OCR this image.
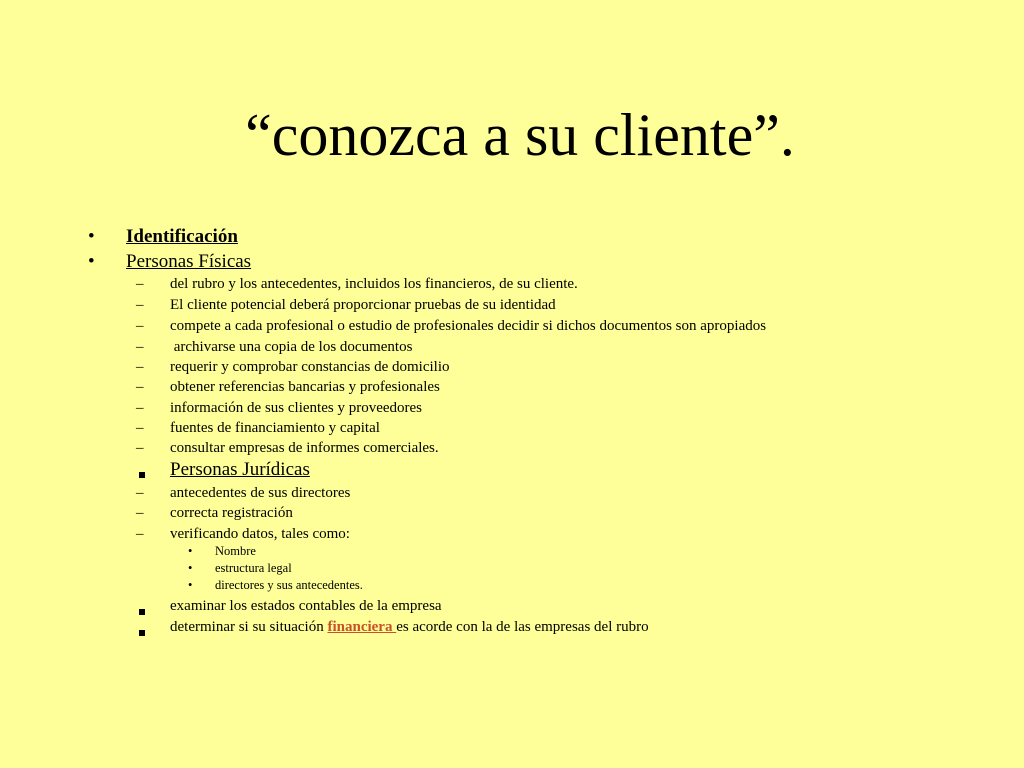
“conozca a su cliente”.
• Identificación
• Personas Físicas
– del rubro y los antecedentes, incluidos los financieros, de su cliente.
– El cliente potencial deberá proporcionar pruebas de su identidad
– compete a cada profesional o estudio de profesionales decidir si dichos documentos son apropiados
– archivarse una copia de los documentos
– requerir y comprobar constancias de domicilio
– obtener referencias bancarias y profesionales
– información de sus clientes y proveedores
– fuentes de financiamiento y capital
– consultar empresas de informes comerciales.
Personas Jurídicas
– antecedentes de sus directores
– correcta registración
– verificando datos, tales como:
• Nombre
• estructura legal
• directores y sus antecedentes.
examinar los estados contables de la empresa
determinar si su situación financiera es acorde con la de las empresas del rubro
